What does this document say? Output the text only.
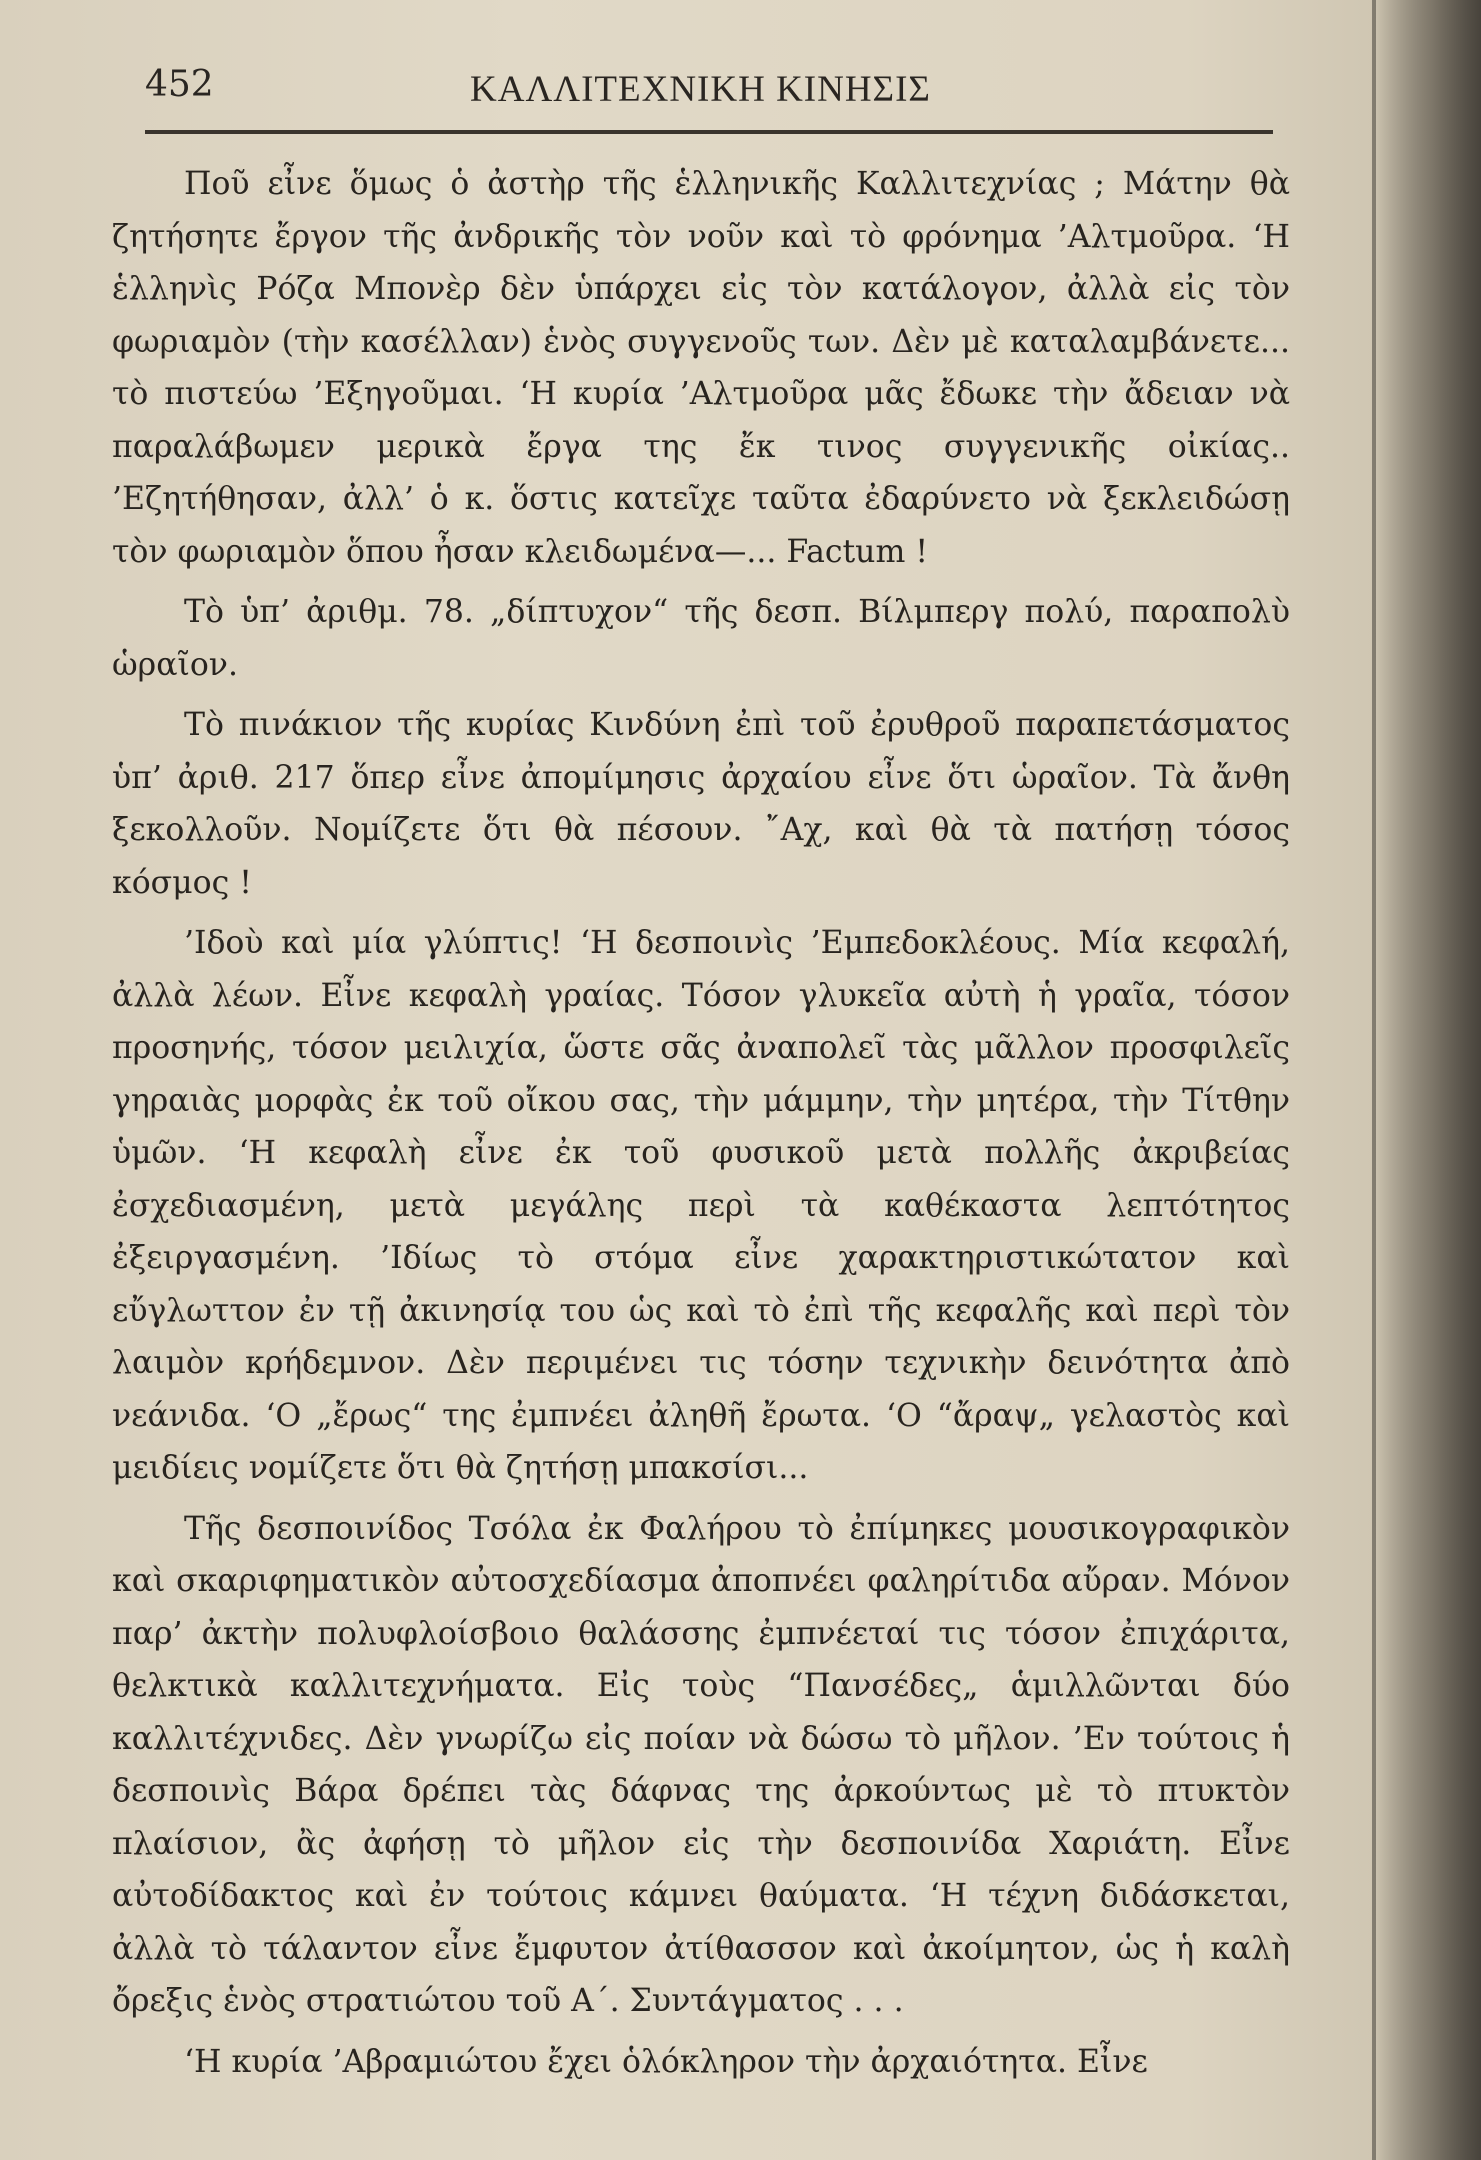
452	ΚΑΛΛΙΤΕΧΝΙΚΗ ΚΙΝΗΣΙΣ

Ποῦ εἶνε ὅμως ὁ ἀστὴρ τῆς ἑλληνικῆς Καλλιτεχνίας ; Μάτην θὰ ζητήσητε ἔργον τῆς ἀνδρικῆς τὸν νοῦν καὶ τὸ φρόνημα ’Αλτμοῦρα. ‘Η ἑλληνὶς Ρόζα Μπονὲρ δὲν ὑπάρχει εἰς τὸν κατάλογον, ἀλλὰ εἰς τὸν φωριαμὸν (τὴν κασέλλαν) ἑνὸς συγγενοῦς των. Δὲν μὲ καταλαμβάνετε... τὸ πιστεύω ’Εξηγοῦμαι. ‘Η κυρία ’Αλτμοῦρα μᾶς ἔδωκε τὴν ἄδειαν νὰ παραλάβωμεν μερικὰ ἔργα της ἔκ τινος συγγενικῆς οἰκίας.. ’Εζητήθησαν, ἀλλ’ ὁ κ. ὅστις κατεῖχε ταῦτα ἐδαρύνετο νὰ ξεκλειδώσῃ τὸν φωριαμὸν ὅπου ἦσαν κλειδωμένα—... Factum !

Τὸ ὑπ’ ἀριθμ. 78. „δίπτυχον“ τῆς δεσπ. Βίλμπεργ πολύ, παραπολὺ ὡραῖον.

Τὸ πινάκιον τῆς κυρίας Κινδύνη ἐπὶ τοῦ ἐρυθροῦ παραπετάσματος ὑπ’ ἀριθ. 217 ὅπερ εἶνε ἀπομίμησις ἀρχαίου εἶνε ὅτι ὡραῖον. Τὰ ἄνθη ξεκολλοῦν. Νομίζετε ὅτι θὰ πέσουν. ῎Αχ, καὶ θὰ τὰ πατήσῃ τόσος κόσμος !

’Ιδοὺ καὶ μία γλύπτις! ‘Η δεσποινὶς ’Εμπεδοκλέους. Μία κεφαλή, ἀλλὰ λέων. Εἶνε κεφαλὴ γραίας. Τόσον γλυκεῖα αὐτὴ ἡ γραῖα, τόσον προσηνής, τόσον μειλιχία, ὥστε σᾶς ἀναπολεῖ τὰς μᾶλλον προσφιλεῖς γηραιὰς μορφὰς ἐκ τοῦ οἴκου σας, τὴν μάμμην, τὴν μητέρα, τὴν Τίτθην ὑμῶν. ‘Η κεφαλὴ εἶνε ἐκ τοῦ φυσικοῦ μετὰ πολλῆς ἀκριβείας ἐσχεδιασμένη, μετὰ μεγάλης περὶ τὰ καθέκαστα λεπτότητος ἐξειργασμένη. ’Ιδίως τὸ στόμα εἶνε χαρακτηριστικώτατον καὶ εὔγλωττον ἐν τῇ ἀκινησίᾳ του ὡς καὶ τὸ ἐπὶ τῆς κεφαλῆς καὶ περὶ τὸν λαιμὸν κρήδεμνον. Δὲν περιμένει τις τόσην τεχνικὴν δεινότητα ἀπὸ νεάνιδα. ‘Ο „ἔρως“ της ἐμπνέει ἀληθῆ ἔρωτα. ‘Ο “ἄραψ„ γελαστὸς καὶ μειδίεις νομίζετε ὅτι θὰ ζητήσῃ μπακσίσι...

Τῆς δεσποινίδος Τσόλα ἐκ Φαλήρου τὸ ἐπίμηκες μουσικογραφικὸν καὶ σκαριφηματικὸν αὐτοσχεδίασμα ἀποπνέει φαληρίτιδα αὔραν. Μόνον παρ’ ἀκτὴν πολυφλοίσβοιο θαλάσσης ἐμπνέεταί τις τόσον ἐπιχάριτα, θελκτικὰ καλλιτεχνήματα. Εἰς τοὺς “Πανσέδες„ ἁμιλλῶνται δύο καλλιτέχνιδες. Δὲν γνωρίζω εἰς ποίαν νὰ δώσω τὸ μῆλον. ’Εν τούτοις ἡ δεσποινὶς Βάρα δρέπει τὰς δάφνας της ἀρκούντως μὲ τὸ πτυκτὸν πλαίσιον, ἂς ἀφήσῃ τὸ μῆλον εἰς τὴν δεσποινίδα Χαριάτη. Εἶνε αὐτοδίδακτος καὶ ἐν τούτοις κάμνει θαύματα. ‘Η τέχνη διδάσκεται, ἀλλὰ τὸ τάλαντον εἶνε ἔμφυτον ἀτίθασσον καὶ ἀκοίμητον, ὡς ἡ καλὴ ὄρεξις ἑνὸς στρατιώτου τοῦ Α΄. Συντάγματος . . .

‘Η κυρία ’Αβραμιώτου ἔχει ὁλόκληρον τὴν ἀρχαιότητα. Εἶνε
